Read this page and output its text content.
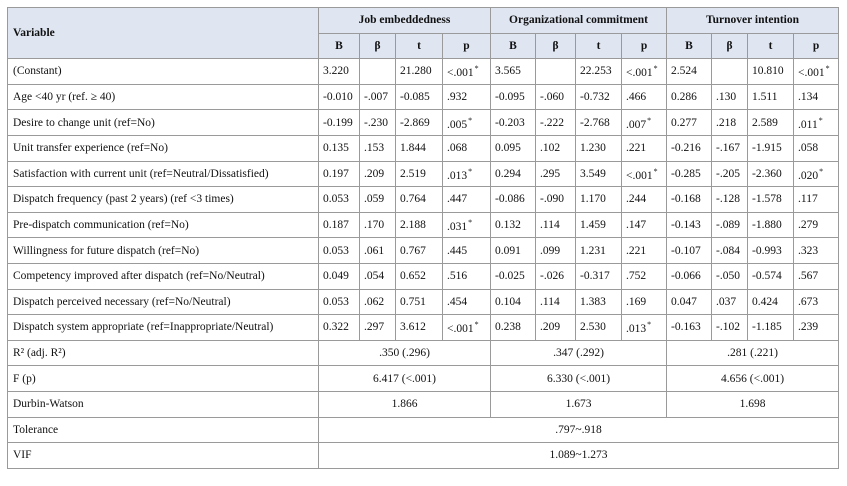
Variable	Job embeddedness				Organizational commitment				Turnover intention			
	B	β	t	p	B	β	t	p	B	β	t	p
(Constant)	3.220		21.280	<.001*	3.565		22.253	<.001*	2.524		10.810	<.001*
Age <40 yr (ref. ≥ 40)	-0.010	-.007	-0.085	.932	-0.095	-.060	-0.732	.466	0.286	.130	1.511	.134
Desire to change unit (ref=No)	-0.199	-.230	-2.869	.005*	-0.203	-.222	-2.768	.007*	0.277	.218	2.589	.011*
Unit transfer experience (ref=No)	0.135	.153	1.844	.068	0.095	.102	1.230	.221	-0.216	-.167	-1.915	.058
Satisfaction with current unit (ref=Neutral/Dissatisfied)	0.197	.209	2.519	.013*	0.294	.295	3.549	<.001*	-0.285	-.205	-2.360	.020*
Dispatch frequency (past 2 years) (ref <3 times)	0.053	.059	0.764	.447	-0.086	-.090	1.170	.244	-0.168	-.128	-1.578	.117
Pre-dispatch communication (ref=No)	0.187	.170	2.188	.031*	0.132	.114	1.459	.147	-0.143	-.089	-1.880	.279
Willingness for future dispatch (ref=No)	0.053	.061	0.767	.445	0.091	.099	1.231	.221	-0.107	-.084	-0.993	.323
Competency improved after dispatch (ref=No/Neutral)	0.049	.054	0.652	.516	-0.025	-.026	-0.317	.752	-0.066	-.050	-0.574	.567
Dispatch perceived necessary (ref=No/Neutral)	0.053	.062	0.751	.454	0.104	.114	1.383	.169	0.047	.037	0.424	.673
Dispatch system appropriate (ref=Inappropriate/Neutral)	0.322	.297	3.612	<.001*	0.238	.209	2.530	.013*	-0.163	-.102	-1.185	.239
R² (adj. R²)	.350 (.296)				.347 (.292)				.281 (.221)			
F (p)	6.417 (<.001)				6.330 (<.001)				4.656 (<.001)			
Durbin-Watson	1.866				1.673				1.698			
Tolerance	.797~.918											
VIF	1.089~1.273											
